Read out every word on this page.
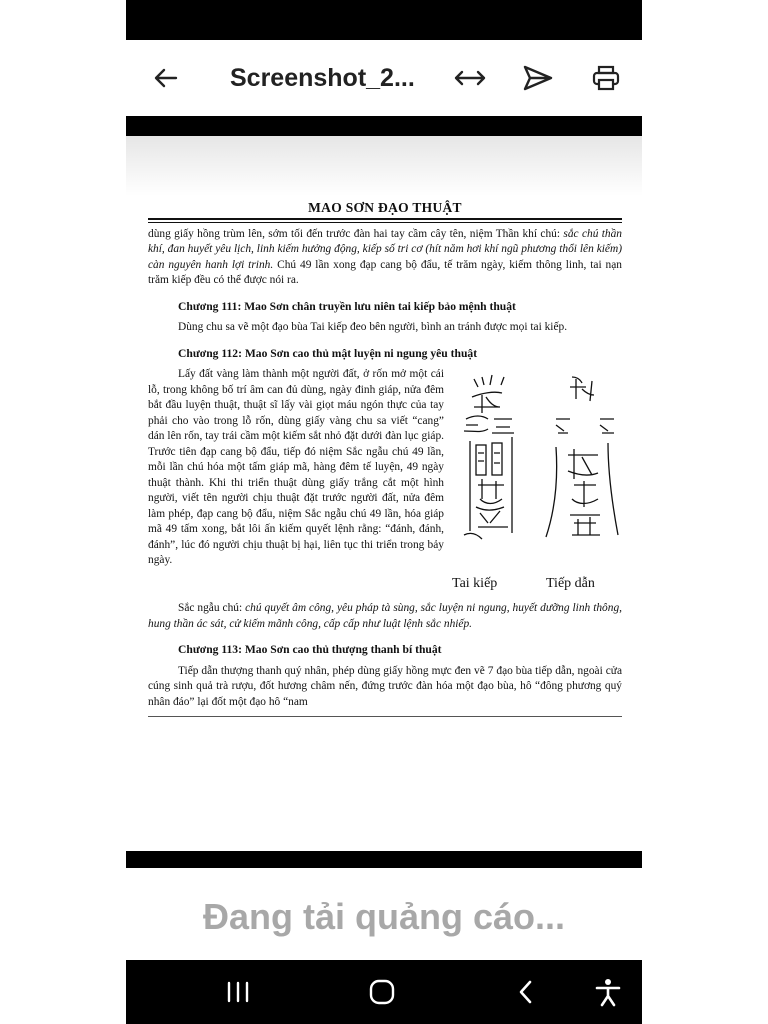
Screenshot_2...
MAO SƠN ĐẠO THUẬT

dùng giấy hồng trùm lên, sớm tối đến trước đàn hai tay cầm cây tên, niệm Thần khí chú: sắc chú thần khí, đan huyết yêu lịch, linh kiếm hưởng động, kiếp số tri cơ (hít năm hơi khí ngũ phương thổi lên kiếm) càn nguyên hanh lợi trinh. Chú 49 lần xong đạp cang bộ đẩu, tế trăm ngày, kiếm thông linh, tai nạn trăm kiếp đều có thể được nói ra.

Chương 111: Mao Sơn chân truyền lưu niên tai kiếp bảo mệnh thuật

Dùng chu sa vẽ một đạo bùa Tai kiếp đeo bên người, bình an tránh được mọi tai kiếp.

Chương 112: Mao Sơn cao thủ mật luyện ni ngung yêu thuật
Tai kiếp	Tiếp dẫn

Lấy đất vàng làm thành một người đất, ở rốn mở một cái lỗ, trong không bố trí âm can đủ dùng, ngày đinh giáp, nửa đêm bắt đầu luyện thuật, thuật sĩ lấy vài giọt máu ngón thực của tay phải cho vào trong lỗ rốn, dùng giấy vàng chu sa viết “cang” dán lên rốn, tay trái cầm một kiếm sắt nhỏ đặt dưới đàn lục giáp. Trước tiên đạp cang bộ đẩu, tiếp đó niệm Sắc ngẫu chú 49 lần, mỗi lần chú hóa một tấm giáp mã, hàng đêm tế luyện, 49 ngày thuật thành. Khi thi triển thuật dùng giấy trắng cắt một hình người, viết tên người chịu thuật đặt trước người đất, nửa đêm làm phép, đạp cang bộ đẩu, niệm Sắc ngẫu chú 49 lần, hóa giáp mã 49 tấm xong, bắt lôi ấn kiếm quyết lệnh rằng: “đánh, đánh, đánh”, lúc đó người chịu thuật bị hại, liên tục thi triển trong bảy ngày.

Sắc ngẫu chú: chú quyết âm công, yêu pháp tà sùng, sắc luyện ni ngung, huyết dưỡng linh thông, hung thần ác sát, cử kiếm mãnh công, cấp cấp như luật lệnh sắc nhiếp.

Chương 113: Mao Sơn cao thủ thượng thanh bí thuật

Tiếp dẫn thượng thanh quý nhân, phép dùng giấy hồng mực đen vẽ 7 đạo bùa tiếp dẫn, ngoài cửa cúng sinh quả trà rượu, đốt hương châm nến, đứng trước đàn hóa một đạo bùa, hô “đông phương quý nhân đáo” lại đốt một đạo hô “nam

Đang tải quảng cáo...
